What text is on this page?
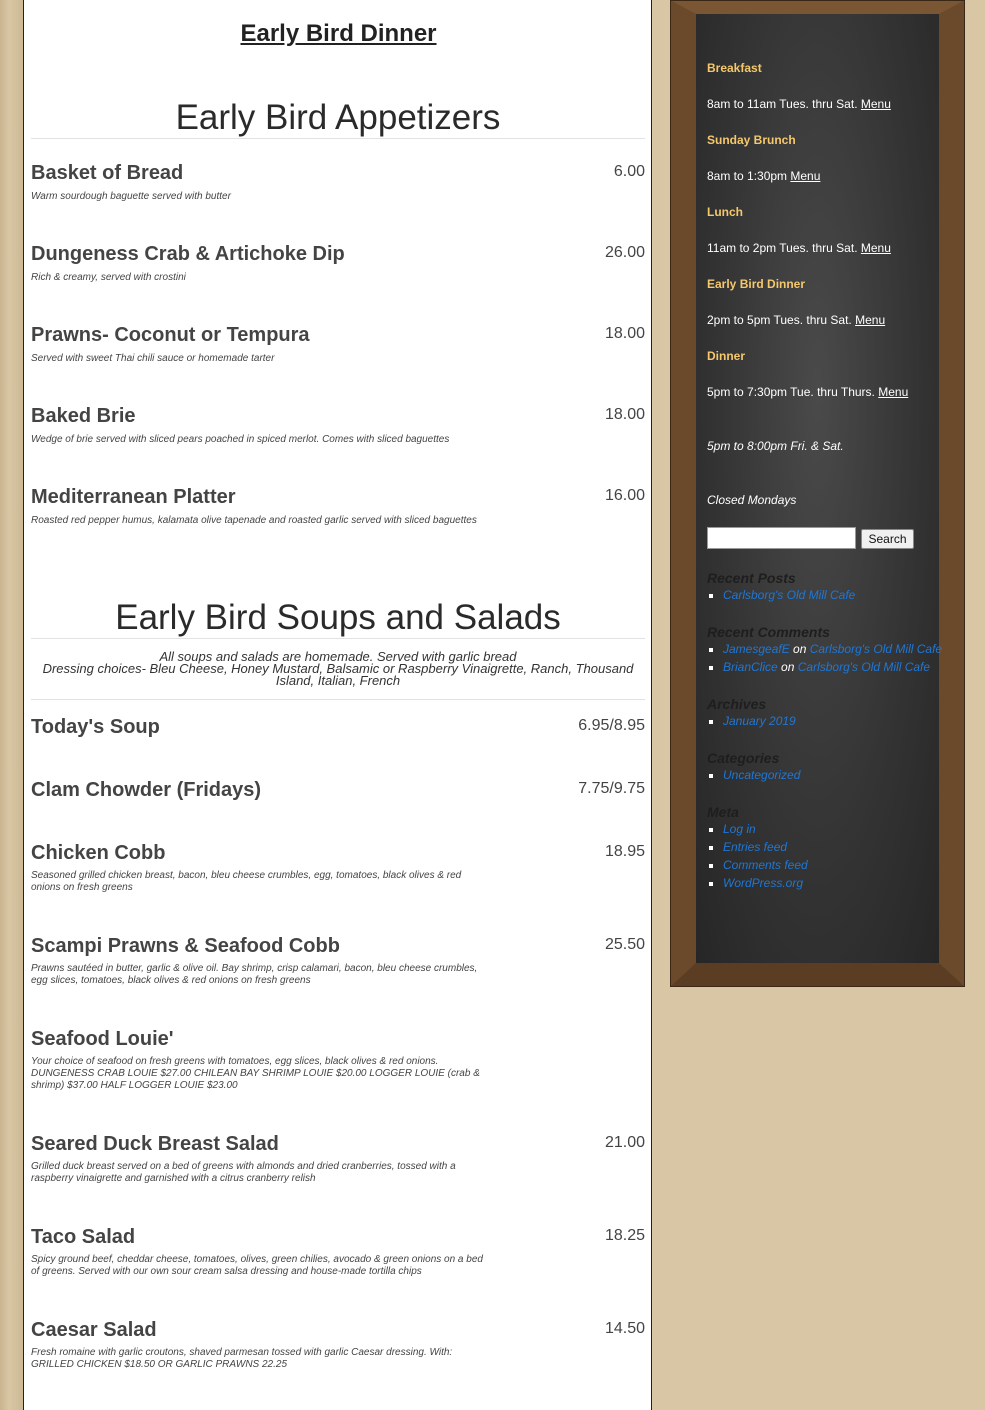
Early Bird Dinner
Early Bird Appetizers
Basket of Bread	6.00
Warm sourdough baguette served with butter
Dungeness Crab & Artichoke Dip	26.00
Rich & creamy, served with crostini
Prawns- Coconut or Tempura	18.00
Served with sweet Thai chili sauce or homemade tarter
Baked Brie	18.00
Wedge of brie served with sliced pears poached in spiced merlot. Comes with sliced baguettes
Mediterranean Platter	16.00
Roasted red pepper humus, kalamata olive tapenade and roasted garlic served with sliced baguettes
Early Bird Soups and Salads
All soups and salads are homemade. Served with garlic bread
Dressing choices- Bleu Cheese, Honey Mustard, Balsamic or Raspberry Vinaigrette, Ranch, Thousand Island, Italian, French
Today's Soup	6.95/8.95
Clam Chowder (Fridays)	7.75/9.75
Chicken Cobb	18.95
Seasoned grilled chicken breast, bacon, bleu cheese crumbles, egg, tomatoes, black olives & red onions on fresh greens
Scampi Prawns & Seafood Cobb	25.50
Prawns sautéed in butter, garlic & olive oil. Bay shrimp, crisp calamari, bacon, bleu cheese crumbles, egg slices, tomatoes, black olives & red onions on fresh greens
Seafood Louie'
Your choice of seafood on fresh greens with tomatoes, egg slices, black olives & red onions. DUNGENESS CRAB LOUIE $27.00 CHILEAN BAY SHRIMP LOUIE $20.00 LOGGER LOUIE (crab & shrimp) $37.00 HALF LOGGER LOUIE $23.00
Seared Duck Breast Salad	21.00
Grilled duck breast served on a bed of greens with almonds and dried cranberries, tossed with a raspberry vinaigrette and garnished with a citrus cranberry relish
Taco Salad	18.25
Spicy ground beef, cheddar cheese, tomatoes, olives, green chilies, avocado & green onions on a bed of greens. Served with our own sour cream salsa dressing and house-made tortilla chips
Caesar Salad	14.50
Fresh romaine with garlic croutons, shaved parmesan tossed with garlic Caesar dressing. With: GRILLED CHICKEN $18.50 OR GARLIC PRAWNS 22.25
Breakfast
8am to 11am Tues. thru Sat. Menu
Sunday Brunch
8am to 1:30pm Menu
Lunch
11am to 2pm Tues. thru Sat. Menu
Early Bird Dinner
2pm to 5pm Tues. thru Sat. Menu
Dinner
5pm to 7:30pm Tue. thru Thurs. Menu
5pm to 8:00pm Fri. & Sat.
Closed Mondays
Search
Recent Posts
▪ Carlsborg's Old Mill Cafe
Recent Comments
▪ JamesgeafE on Carlsborg's Old Mill Cafe
▪ BrianClice on Carlsborg's Old Mill Cafe
Archives
▪ January 2019
Categories
▪ Uncategorized
Meta
▪ Log in
▪ Entries feed
▪ Comments feed
▪ WordPress.org
